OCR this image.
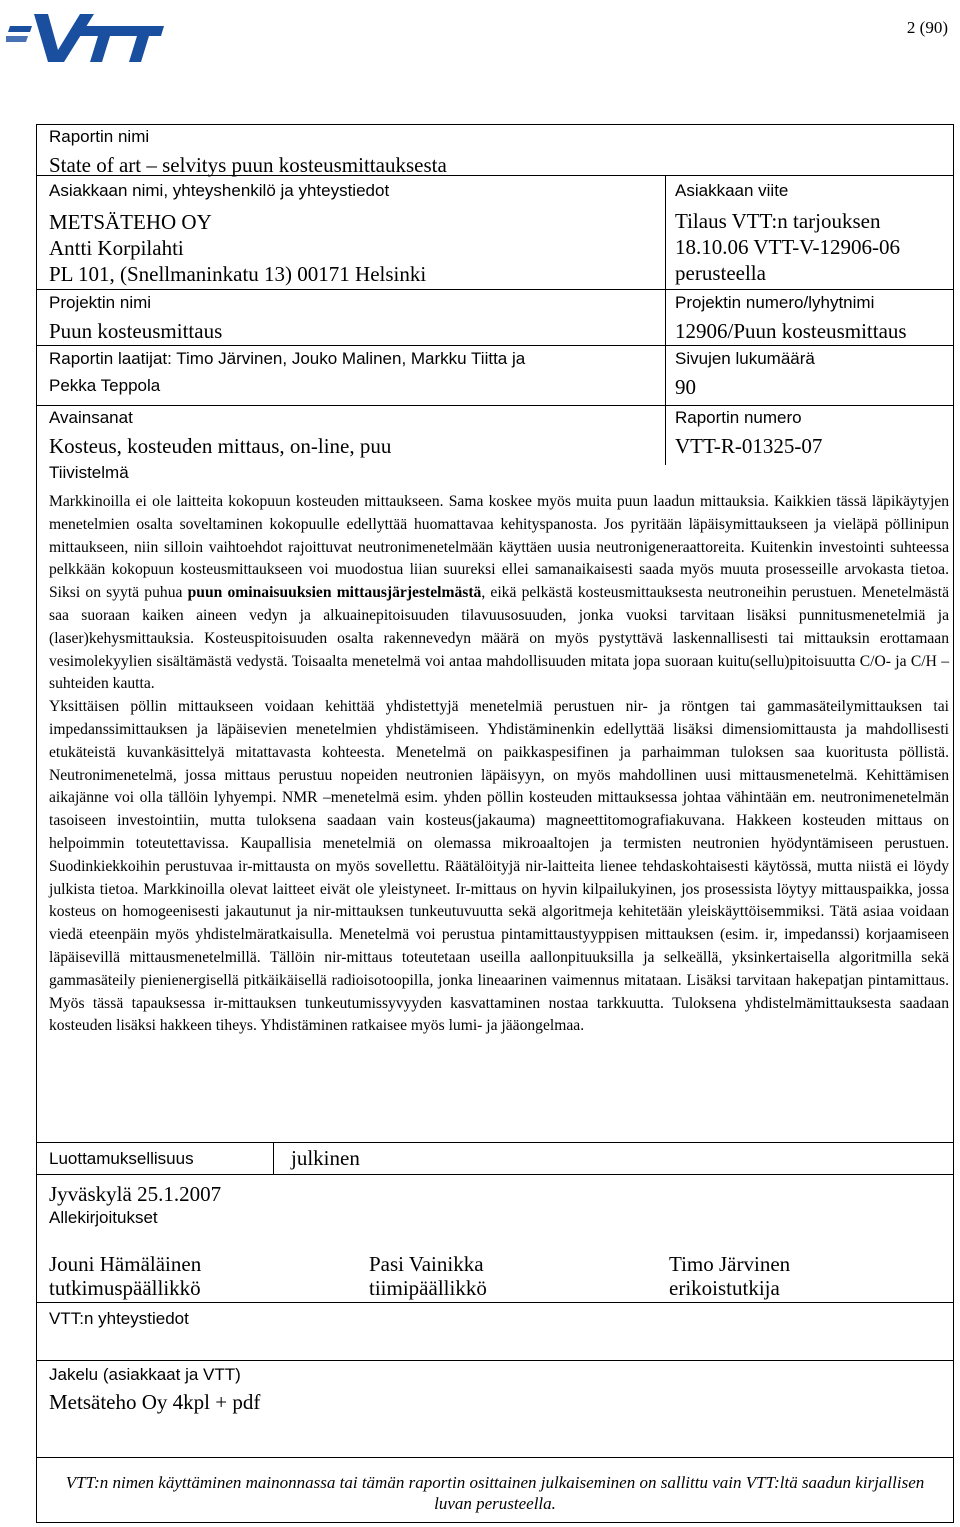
2 (90)
Raportin nimi
State of art – selvitys puun kosteusmittauksesta
Asiakkaan nimi, yhteyshenkilö ja yhteystiedot
METSÄTEHO OY
Antti Korpilahti
PL 101, (Snellmaninkatu 13) 00171 Helsinki
Asiakkaan viite
Tilaus VTT:n tarjouksen
18.10.06 VTT-V-12906-06
perusteella
Projektin nimi
Puun kosteusmittaus
Projektin numero/lyhytnimi
12906/Puun kosteusmittaus
Raportin laatijat: Timo Järvinen, Jouko Malinen, Markku Tiitta ja
Pekka Teppola
Sivujen lukumäärä
90
Avainsanat
Kosteus, kosteuden mittaus, on-line, puu
Raportin numero
VTT-R-01325-07
Tiivistelmä

Markkinoilla ei ole laitteita kokopuun kosteuden mittaukseen. Sama koskee myös muita puun laadun mittauksia. Kaikkien tässä läpikäytyjen menetelmien osalta soveltaminen kokopuulle edellyttää huomattavaa kehityspanosta. Jos pyritään läpäisymittaukseen ja vieläpä pöllinipun mittaukseen, niin silloin vaihtoehdot rajoittuvat neutronimenetelmään käyttäen uusia neutronigeneraattoreita. Kuitenkin investointi suhteessa pelkkään kokopuun kosteusmittaukseen voi muodostua liian suureksi ellei samanaikaisesti saada myös muuta prosesseille arvokasta tietoa. Siksi on syytä puhua puun ominaisuuksien mittausjärjestelmästä, eikä pelkästä kosteusmittauksesta neutroneihin perustuen. Menetelmästä saa suoraan kaiken aineen vedyn ja alkuainepitoisuuden tilavuusosuuden, jonka vuoksi tarvitaan lisäksi punnitusmenetelmiä ja (laser)kehysmittauksia. Kosteuspitoisuuden osalta rakennevedyn määrä on myös pystyttävä laskennallisesti tai mittauksin erottamaan vesimolekyylien sisältämästä vedystä. Toisaalta menetelmä voi antaa mahdollisuuden mitata jopa suoraan kuitu(sellu)pitoisuutta C/O- ja C/H –suhteiden kautta.

Yksittäisen pöllin mittaukseen voidaan kehittää yhdistettyjä menetelmiä perustuen nir- ja röntgen tai gammasäteilymittauksen tai impedanssimittauksen ja läpäisevien menetelmien yhdistämiseen. Yhdistäminenkin edellyttää lisäksi dimensiomittausta ja mahdollisesti etukäteistä kuvankäsittelyä mitattavasta kohteesta. Menetelmä on paikkaspesifinen ja parhaimman tuloksen saa kuoritusta pöllistä. Neutronimenetelmä, jossa mittaus perustuu nopeiden neutronien läpäisyyn, on myös mahdollinen uusi mittausmenetelmä. Kehittämisen aikajänne voi olla tällöin lyhyempi. NMR –menetelmä esim. yhden pöllin kosteuden mittauksessa johtaa vähintään em. neutronimenetelmän tasoiseen investointiin, mutta tuloksena saadaan vain kosteus(jakauma) magneettitomografiakuvana. Hakkeen kosteuden mittaus on helpoimmin toteutettavissa. Kaupallisia menetelmiä on olemassa mikroaaltojen ja termisten neutronien hyödyntämiseen perustuen. Suodinkiekkoihin perustuvaa ir-mittausta on myös sovellettu. Räätälöityjä nir-laitteita lienee tehdaskohtaisesti käytössä, mutta niistä ei löydy julkista tietoa. Markkinoilla olevat laitteet eivät ole yleistyneet. Ir-mittaus on hyvin kilpailukyinen, jos prosessista löytyy mittauspaikka, jossa kosteus on homogeenisesti jakautunut ja nir-mittauksen tunkeutuvuutta sekä algoritmeja kehitetään yleiskäyttöisemmiksi. Tätä asiaa voidaan viedä eteenpäin myös yhdistelmäratkaisulla. Menetelmä voi perustua pintamittaustyyppisen mittauksen (esim. ir, impedanssi) korjaamiseen läpäisevillä mittausmenetelmillä. Tällöin nir-mittaus toteutetaan useilla aallonpituuksilla ja selkeällä, yksinkertaisella algoritmilla sekä gammasäteily pienienergisellä pitkäikäisellä radioisotoopilla, jonka lineaarinen vaimennus mitataan. Lisäksi tarvitaan hakepatjan pintamittaus. Myös tässä tapauksessa ir-mittauksen tunkeutumissyvyyden kasvattaminen nostaa tarkkuutta. Tuloksena yhdistelmämittauksesta saadaan kosteuden lisäksi hakkeen tiheys. Yhdistäminen ratkaisee myös lumi- ja jääongelmaa.

Luottamuksellisuus	julkinen
Jyväskylä 25.1.2007
Allekirjoitukset
Jouni Hämäläinen
tutkimuspäällikkö
Pasi Vainikka
tiimipäällikkö
Timo Järvinen
erikoistutkija
VTT:n yhteystiedot
Jakelu (asiakkaat ja VTT)
Metsäteho Oy 4kpl + pdf
VTT:n nimen käyttäminen mainonnassa tai tämän raportin osittainen julkaiseminen on sallittu vain VTT:ltä saadun kirjallisen luvan perusteella.
